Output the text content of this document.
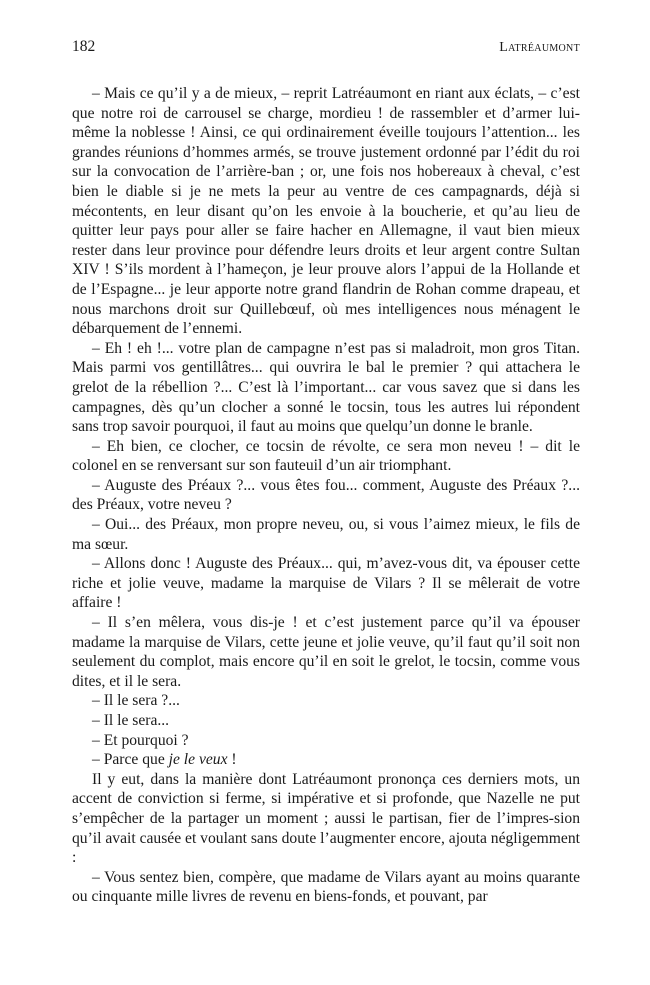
182	Latréaumont

– Mais ce qu’il y a de mieux, – reprit Latréaumont en riant aux éclats, – c’est que notre roi de carrousel se charge, mordieu ! de rassembler et d’armer lui-même la noblesse ! Ainsi, ce qui ordinairement éveille toujours l’attention... les grandes réunions d’hommes armés, se trouve justement ordonné par l’édit du roi sur la convocation de l’arrière-ban ; or, une fois nos hobereaux à cheval, c’est bien le diable si je ne mets la peur au ventre de ces campagnards, déjà si mécontents, en leur disant qu’on les envoie à la boucherie, et qu’au lieu de quitter leur pays pour aller se faire hacher en Allemagne, il vaut bien mieux rester dans leur province pour défendre leurs droits et leur argent contre Sultan XIV ! S’ils mordent à l’hameçon, je leur prouve alors l’appui de la Hollande et de l’Espagne... je leur apporte notre grand flandrin de Rohan comme drapeau, et nous marchons droit sur Quillebœuf, où mes intelligences nous ménagent le débarquement de l’ennemi.

– Eh ! eh !... votre plan de campagne n’est pas si maladroit, mon gros Titan. Mais parmi vos gentillâtres... qui ouvrira le bal le premier ? qui attachera le grelot de la rébellion ?... C’est là l’important... car vous savez que si dans les campagnes, dès qu’un clocher a sonné le tocsin, tous les autres lui répondent sans trop savoir pourquoi, il faut au moins que quelqu’un donne le branle.

– Eh bien, ce clocher, ce tocsin de révolte, ce sera mon neveu ! – dit le colonel en se renversant sur son fauteuil d’un air triomphant.

– Auguste des Préaux ?... vous êtes fou... comment, Auguste des Préaux ?... des Préaux, votre neveu ?

– Oui... des Préaux, mon propre neveu, ou, si vous l’aimez mieux, le fils de ma sœur.

– Allons donc ! Auguste des Préaux... qui, m’avez-vous dit, va épouser cette riche et jolie veuve, madame la marquise de Vilars ? Il se mêlerait de votre affaire !

– Il s’en mêlera, vous dis-je ! et c’est justement parce qu’il va épouser madame la marquise de Vilars, cette jeune et jolie veuve, qu’il faut qu’il soit non seulement du complot, mais encore qu’il en soit le grelot, le tocsin, comme vous dites, et il le sera.

– Il le sera ?...

– Il le sera...

– Et pourquoi ?

– Parce que je le veux !

Il y eut, dans la manière dont Latréaumont prononça ces derniers mots, un accent de conviction si ferme, si impérative et si profonde, que Nazelle ne put s’empêcher de la partager un moment ; aussi le partisan, fier de l’impres-sion qu’il avait causée et voulant sans doute l’augmenter encore, ajouta négligemment :

– Vous sentez bien, compère, que madame de Vilars ayant au moins quarante ou cinquante mille livres de revenu en biens-fonds, et pouvant, par
